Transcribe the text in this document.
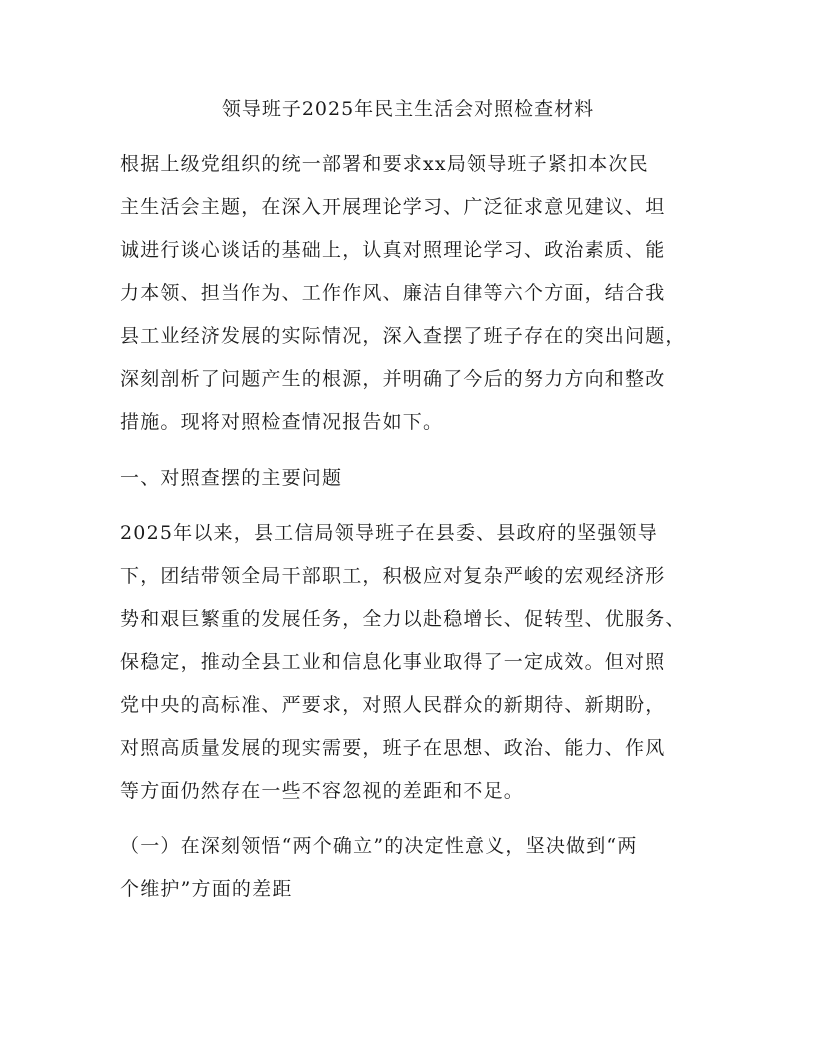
领导班子2025年民主生活会对照检查材料
根据上级党组织的统一部署和要求xx局领导班子紧扣本次民
主生活会主题，在深入开展理论学习、广泛征求意见建议、坦
诚进行谈心谈话的基础上，认真对照理论学习、政治素质、能
力本领、担当作为、工作作风、廉洁自律等六个方面，结合我
县工业经济发展的实际情况，深入查摆了班子存在的突出问题，
深刻剖析了问题产生的根源，并明确了今后的努力方向和整改
措施。现将对照检查情况报告如下。
一、对照查摆的主要问题
2025年以来，县工信局领导班子在县委、县政府的坚强领导
下，团结带领全局干部职工，积极应对复杂严峻的宏观经济形
势和艰巨繁重的发展任务，全力以赴稳增长、促转型、优服务、
保稳定，推动全县工业和信息化事业取得了一定成效。但对照
党中央的高标准、严要求，对照人民群众的新期待、新期盼，
对照高质量发展的现实需要，班子在思想、政治、能力、作风
等方面仍然存在一些不容忽视的差距和不足。
（一）在深刻领悟“两个确立”的决定性意义，坚决做到“两
个维护”方面的差距
